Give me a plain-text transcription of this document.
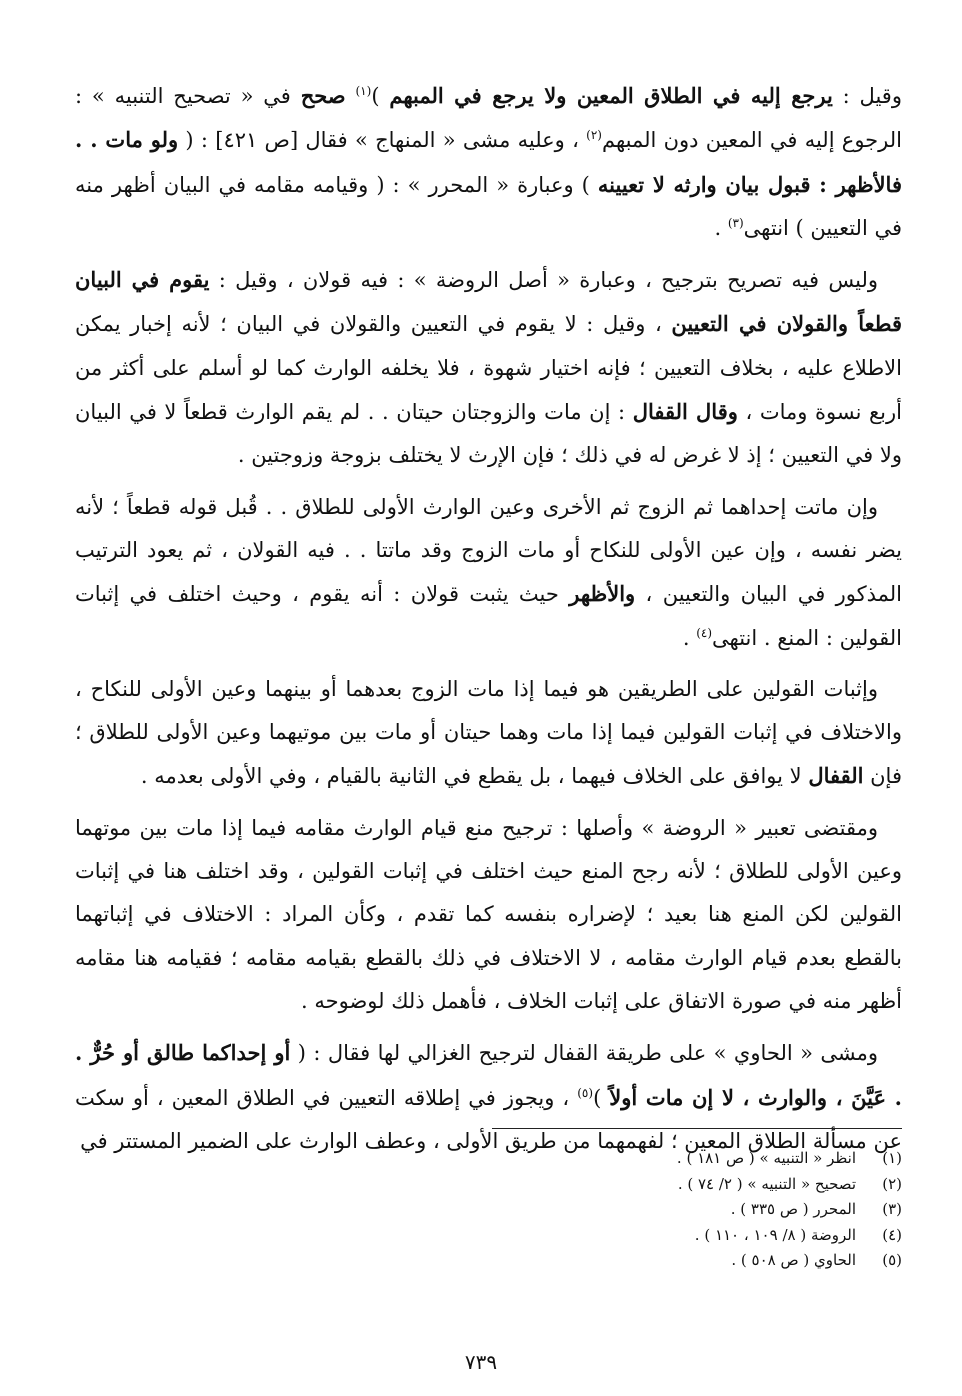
وقيل : يرجع إليه في الطلاق المعين ولا يرجع في المبهم )$^{(١)}$ صحح في « تصحيح التنبيه » : الرجوع إليه في المعين دون المبهم$^{(٢)}$ ، وعليه مشى « المنهاج » فقال [ص ٤٢١] : ( ولو مات . . فالأظهر : قبول بيان وارثه لا تعيينه ) وعبارة « المحرر » : ( وقيامه مقامه في البيان أظهر منه في التعيين ) انتهى$^{(٣)}$ .

وليس فيه تصريح بترجيح ، وعبارة « أصل الروضة » : فيه قولان ، وقيل : يقوم في البيان قطعاً والقولان في التعيين ، وقيل : لا يقوم في التعيين والقولان في البيان ؛ لأنه إخبار يمكن الاطلاع عليه ، بخلاف التعيين ؛ فإنه اختيار شهوة ، فلا يخلفه الوارث كما لو أسلم على أكثر من أربع نسوة ومات ، وقال القفال : إن مات والزوجتان حيتان . . لم يقم الوارث قطعاً لا في البيان ولا في التعيين ؛ إذ لا غرض له في ذلك ؛ فإن الإرث لا يختلف بزوجة وزوجتين .

وإن ماتت إحداهما ثم الزوج ثم الأخرى وعين الوارث الأولى للطلاق . . قُبل قوله قطعاً ؛ لأنه يضر نفسه ، وإن عين الأولى للنكاح أو مات الزوج وقد ماتتا . . فيه القولان ، ثم يعود الترتيب المذكور في البيان والتعيين ، والأظهر حيث يثبت قولان : أنه يقوم ، وحيث اختلف في إثبات القولين : المنع . انتهى$^{(٤)}$ .

وإثبات القولين على الطريقين هو فيما إذا مات الزوج بعدهما أو بينهما وعين الأولى للنكاح ، والاختلاف في إثبات القولين فيما إذا مات وهما حيتان أو مات بين موتيهما وعين الأولى للطلاق ؛ فإن القفال لا يوافق على الخلاف فيهما ، بل يقطع في الثانية بالقيام ، وفي الأولى بعدمه .

ومقتضى تعبير « الروضة » وأصلها : ترجيح منع قيام الوارث مقامه فيما إذا مات بين موتهما وعين الأولى للطلاق ؛ لأنه رجح المنع حيث اختلف في إثبات القولين ، وقد اختلف هنا في إثبات القولين لكن المنع هنا بعيد ؛ لإضراره بنفسه كما تقدم ، وكأن المراد : الاختلاف في إثباتهما بالقطع بعدم قيام الوارث مقامه ، لا الاختلاف في ذلك بالقطع بقيامه مقامه ؛ فقيامه هنا مقامه أظهر منه في صورة الاتفاق على إثبات الخلاف ، فأهمل ذلك لوضوحه .

ومشى « الحاوي » على طريقة القفال لترجيح الغزالي لها فقال : ( أو إحداكما طالق أو حُرٌّ . . عَيَّنَ ، والوارث ، لا إن مات أولاً )$^{(٥)}$ ، ويجوز في إطلاقه التعيين في الطلاق المعين ، أو سكت عن مسألة الطلاق المعين ؛ لفهمهما من طريق الأولى ، وعطف الوارث على الضمير المستتر في

(١)
انظر « التنبيه » ( ص ١٨١ ) .
(٢)
تصحيح « التنبيه » ( ٢/ ٧٤ ) .
(٣)
المحرر ( ص ٣٣٥ ) .
(٤)
الروضة ( ٨/ ١٠٩ ، ١١٠ ) .
(٥)
الحاوي ( ص ٥٠٨ ) .
٧٣٩
